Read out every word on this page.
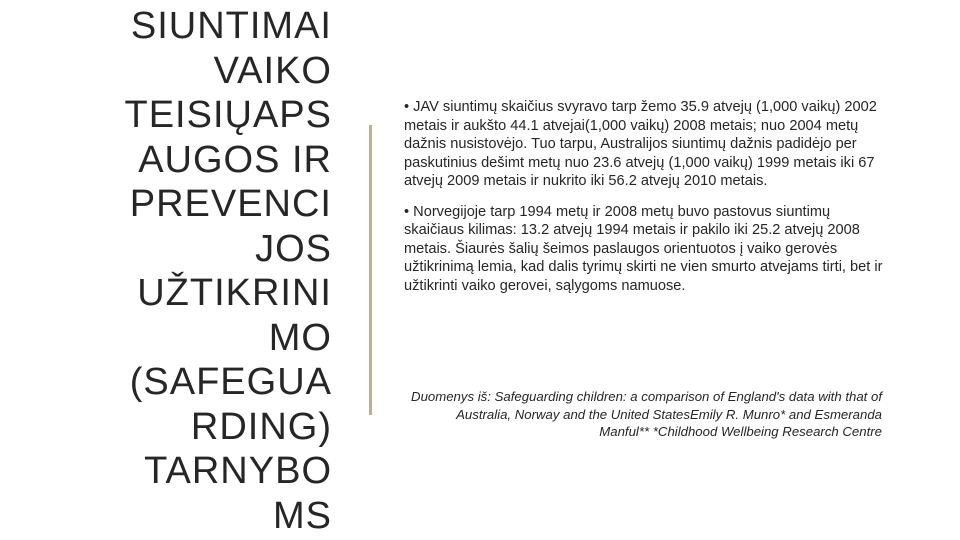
SIUNTIMAI
VAIKO
TEISIŲAPS
AUGOS IR
PREVENCI
JOS
UŽTIKRINI
MO
(SAFEGUA
RDING)
TARNYBO
MS

• JAV siuntimų skaičius svyravo tarp žemo 35.9 atvejų (1,000 vaikų) 2002 metais ir aukšto 44.1 atvejai(1,000 vaikų) 2008 metais; nuo 2004 metų dažnis nusistovėjo. Tuo tarpu, Australijos siuntimų dažnis padidėjo per paskutinius dešimt metų nuo 23.6 atvejų (1,000 vaikų) 1999 metais iki 67 atvejų 2009 metais ir nukrito iki 56.2 atvejų 2010 metais.

• Norvegijoje tarp 1994 metų ir 2008 metų buvo pastovus siuntimų skaičiaus kilimas: 13.2 atvejų 1994 metais ir pakilo iki 25.2 atvejų 2008 metais. Šiaurės šalių šeimos paslaugos orientuotos į vaiko gerovės užtikrinimą lemia, kad dalis tyrimų skirti ne vien smurto atvejams tirti, bet ir užtikrinti vaiko gerovei, sąlygoms namuose.

Duomenys iš: Safeguarding children: a comparison of England's data with that of Australia, Norway and the United StatesEmily R. Munro* and Esmeranda Manful** *Childhood Wellbeing Research Centre
